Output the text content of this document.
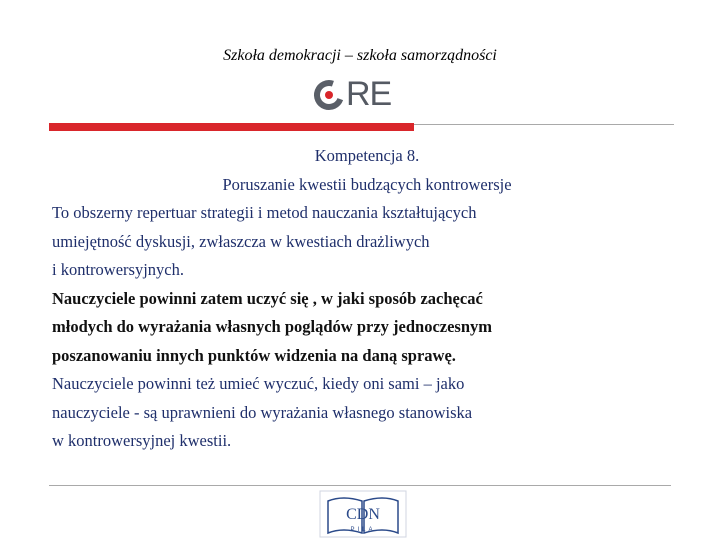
Szkoła demokracji – szkoła samorządności
RE
Kompetencja 8.
Poruszanie kwestii budzących kontrowersje
To obszerny repertuar strategii i metod nauczania kształtujących
umiejętność dyskusji, zwłaszcza w kwestiach drażliwych
i kontrowersyjnych.
Nauczyciele powinni zatem uczyć się , w jaki sposób zachęcać
młodych do wyrażania własnych poglądów przy jednoczesnym
poszanowaniu innych punktów widzenia na daną sprawę.
Nauczyciele powinni też umieć wyczuć, kiedy oni sami – jako
nauczyciele - są uprawnieni do wyrażania własnego stanowiska
w kontrowersyjnej kwestii.
CDN
PILA
